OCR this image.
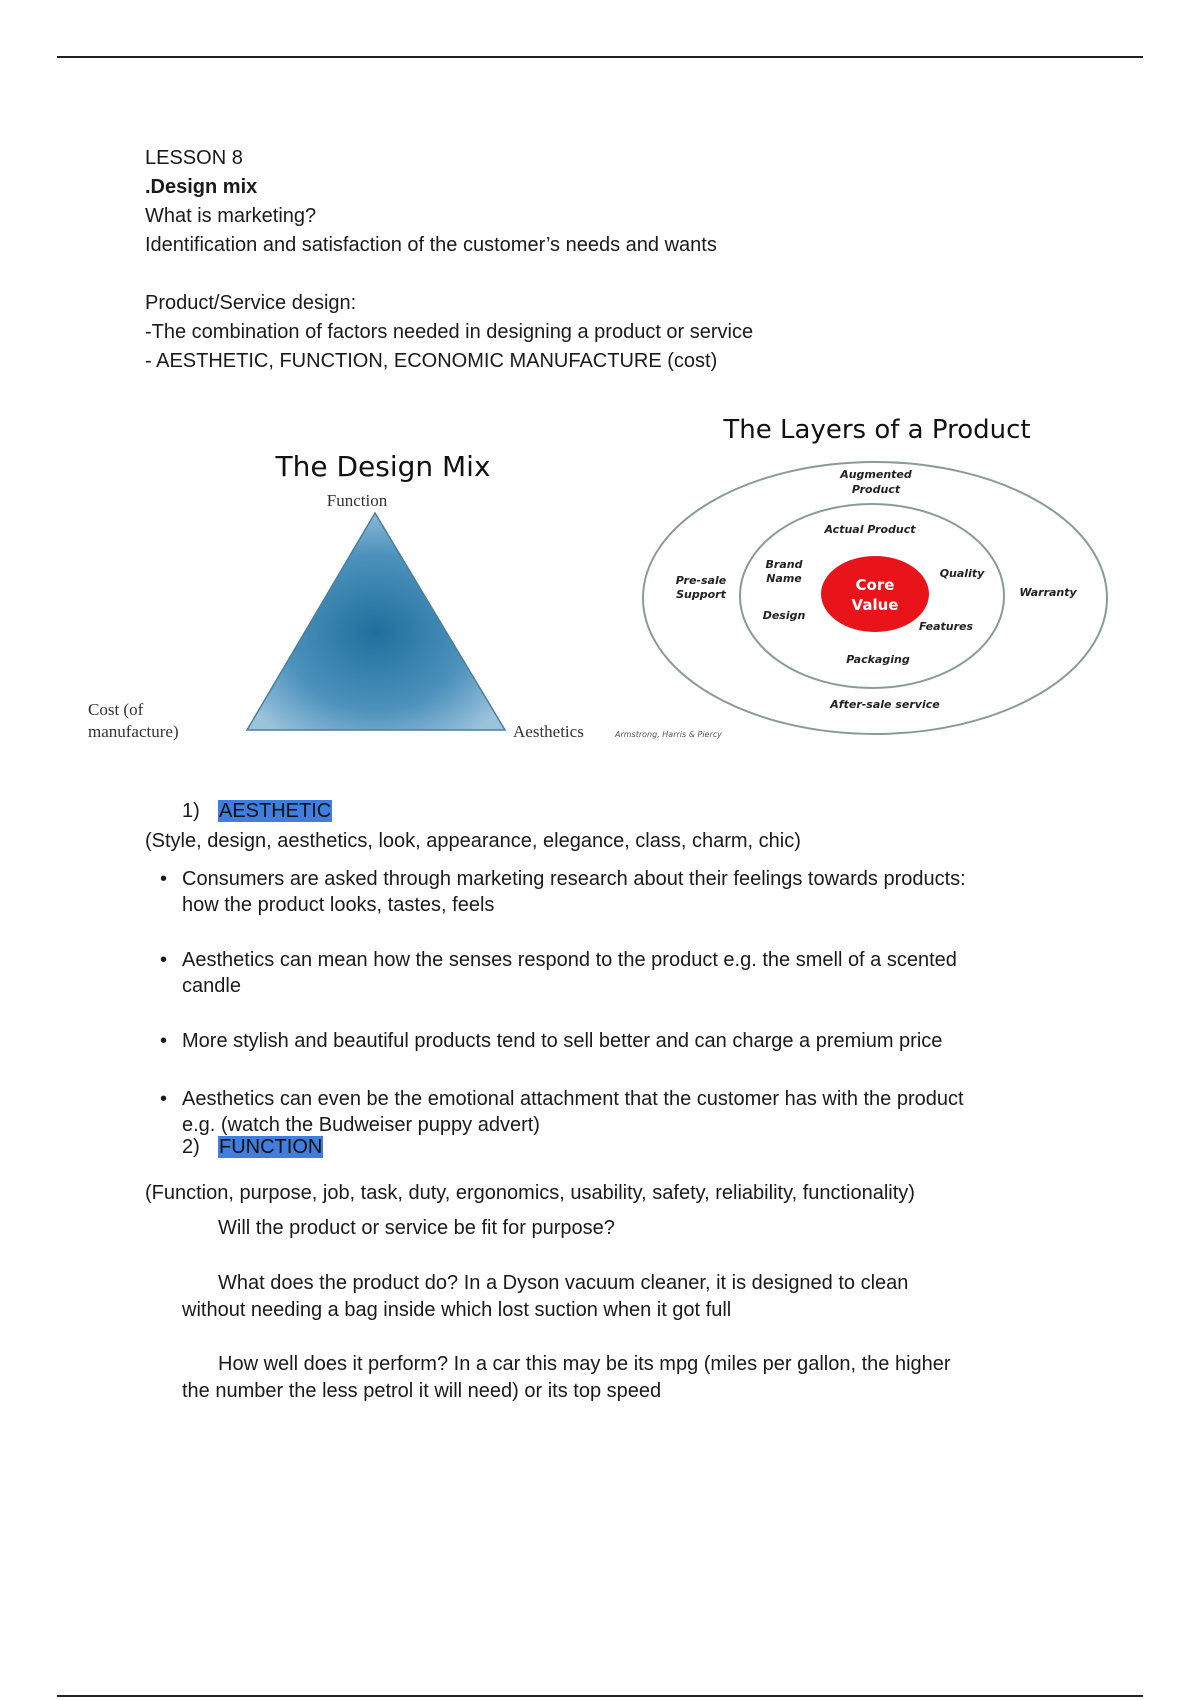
LESSON 8
.Design mix
What is marketing?
Identification and satisfaction of the customer’s needs and wants
Product/Service design:
-The combination of factors needed in designing a product or service
- AESTHETIC, FUNCTION, ECONOMIC MANUFACTURE (cost)
The Design Mix
Function
Cost (of
manufacture)	Aesthetics
The Layers of a Product
Augmented
Product
Actual Product
Brand
Name	Quality
Design
Features
Packaging
Pre-sale
Support	Warranty
After-sale service
Core
Value
Armstrong, Harris & Piercy
1) AESTHETIC
(Style, design, aesthetics, look, appearance, elegance, class, charm, chic)
• Consumers are asked through marketing research about their feelings towards products:
how the product looks, tastes, feels
• Aesthetics can mean how the senses respond to the product e.g. the smell of a scented
candle
• More stylish and beautiful products tend to sell better and can charge a premium price
• Aesthetics can even be the emotional attachment that the customer has with the product
e.g. (watch the Budweiser puppy advert)
2) FUNCTION
(Function, purpose, job, task, duty, ergonomics, usability, safety, reliability, functionality)
Will the product or service be fit for purpose?
What does the product do? In a Dyson vacuum cleaner, it is designed to clean
without needing a bag inside which lost suction when it got full
How well does it perform? In a car this may be its mpg (miles per gallon, the higher
the number the less petrol it will need) or its top speed
